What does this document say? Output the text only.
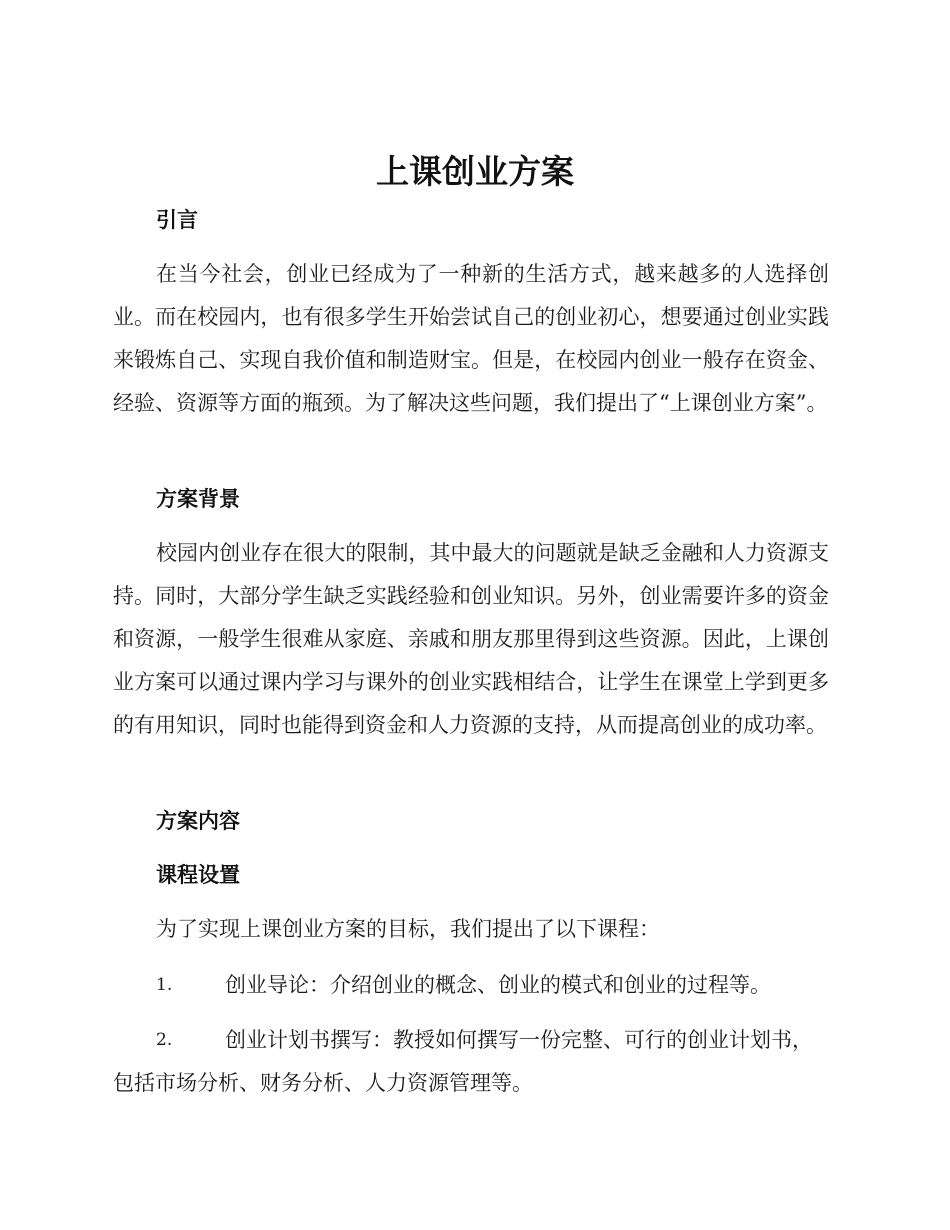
上课创业方案
引言
在当今社会，创业已经成为了一种新的生活方式，越来越多的人选择创业。而在校园内，也有很多学生开始尝试自己的创业初心，想要通过创业实践来锻炼自己、实现自我价值和制造财宝。但是，在校园内创业一般存在资金、经验、资源等方面的瓶颈。为了解决这些问题，我们提出了“上课创业方案”。
方案背景
校园内创业存在很大的限制，其中最大的问题就是缺乏金融和人力资源支持。同时，大部分学生缺乏实践经验和创业知识。另外，创业需要许多的资金和资源，一般学生很难从家庭、亲戚和朋友那里得到这些资源。因此，上课创业方案可以通过课内学习与课外的创业实践相结合，让学生在课堂上学到更多的有用知识，同时也能得到资金和人力资源的支持，从而提高创业的成功率。
方案内容
课程设置
为了实现上课创业方案的目标，我们提出了以下课程：
1.	创业导论：介绍创业的概念、创业的模式和创业的过程等。
2.	创业计划书撰写：教授如何撰写一份完整、可行的创业计划书，
包括市场分析、财务分析、人力资源管理等。
